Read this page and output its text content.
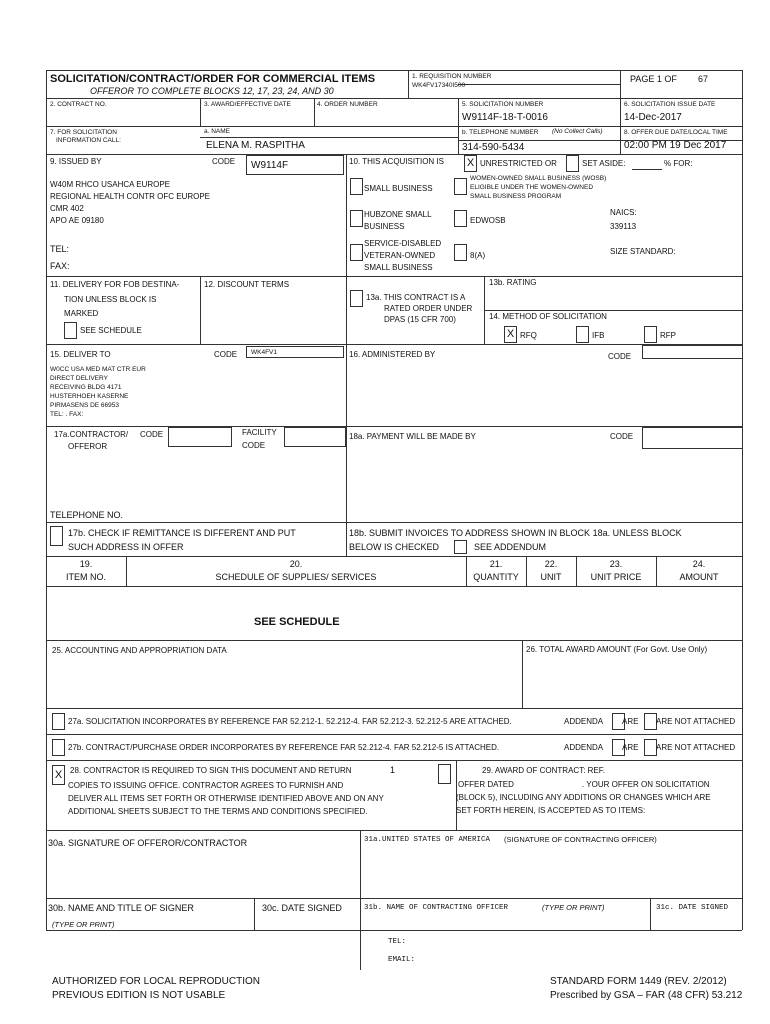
SOLICITATION/CONTRACT/ORDER FOR COMMERCIAL ITEMS
OFFEROR TO COMPLETE BLOCKS 12, 17, 23, 24, AND 30
1. REQUISITION NUMBER
WK4FV17340I500
PAGE 1 OF 67
2. CONTRACT NO.	3. AWARD/EFFECTIVE DATE	4. ORDER NUMBER	5. SOLICITATION NUMBER
W9114F-18-T-0016
6. SOLICITATION ISSUE DATE
14-Dec-2017
7. FOR SOLICITATION
INFORMATION CALL:
a. NAME
ELENA M. RASPITHA
b. TELEPHONE NUMBER (No Collect Calls)
314-590-5434
8. OFFER DUE DATE/LOCAL TIME
02:00 PM 19 Dec 2017
9. ISSUED BY	CODE	W9114F
W40M RHCO USAHCA EUROPE
REGIONAL HEALTH CONTR OFC EUROPE
CMR 402
APO AE 09180
TEL:
FAX:
10. THIS ACQUISITION IS X UNRESTRICTED OR	SET ASIDE:	% FOR:
SMALL BUSINESS
WOMEN-OWNED SMALL BUSINESS (WOSB)
ELIGIBLE UNDER THE WOMEN-OWNED
SMALL BUSINESS PROGRAM
HUBZONE SMALL
BUSINESS
EDWOSB
NAICS:
339113
SERVICE-DISABLED
VETERAN-OWNED
SMALL BUSINESS
8(A)	SIZE STANDARD:
11. DELIVERY FOR FOB DESTINA-
TION UNLESS BLOCK IS
MARKED
SEE SCHEDULE
12. DISCOUNT TERMS
13a. THIS CONTRACT IS A
RATED ORDER UNDER
DPAS (15 CFR 700)
13b. RATING
14. METHOD OF SOLICITATION
X RFQ	IFB	RFP
15. DELIVER TO	CODE	WK4FV1
W0CC USA MED MAT CTR EUR
DIRECT DELIVERY
RECEIVING BLDG 4171
HUSTERHOEH KASERNE
PIRMASENS DE 66953
TEL: . FAX:
16. ADMINISTERED BY	CODE
17a.CONTRACTOR/
OFFEROR
CODE	FACILITY
CODE
TELEPHONE NO.
17b. CHECK IF REMITTANCE IS DIFFERENT AND PUT
SUCH ADDRESS IN OFFER
18a. PAYMENT WILL BE MADE BY	CODE
18b. SUBMIT INVOICES TO ADDRESS SHOWN IN BLOCK 18a. UNLESS BLOCK
BELOW IS CHECKED	SEE ADDENDUM
19.
ITEM NO.
20.
SCHEDULE OF SUPPLIES/ SERVICES
21.
QUANTITY
22.
UNIT
23.
UNIT PRICE
24.
AMOUNT
SEE SCHEDULE
25. ACCOUNTING AND APPROPRIATION DATA	26. TOTAL AWARD AMOUNT (For Govt. Use Only)
27a. SOLICITATION INCORPORATES BY REFERENCE FAR 52.212-1. 52.212-4. FAR 52.212-3. 52.212-5 ARE ATTACHED.	ADDENDA ARE ARE NOT ATTACHED
27b. CONTRACT/PURCHASE ORDER INCORPORATES BY REFERENCE FAR 52.212-4. FAR 52.212-5 IS ATTACHED.	ADDENDA ARE ARE NOT ATTACHED
X 28. CONTRACTOR IS REQUIRED TO SIGN THIS DOCUMENT AND RETURN	1
COPIES TO ISSUING OFFICE. CONTRACTOR AGREES TO FURNISH AND
DELIVER ALL ITEMS SET FORTH OR OTHERWISE IDENTIFIED ABOVE AND ON ANY
ADDITIONAL SHEETS SUBJECT TO THE TERMS AND CONDITIONS SPECIFIED.
29. AWARD OF CONTRACT: REF.
OFFER DATED	. YOUR OFFER ON SOLICITATION
(BLOCK 5), INCLUDING ANY ADDITIONS OR CHANGES WHICH ARE
SET FORTH HEREIN, IS ACCEPTED AS TO ITEMS:
30a. SIGNATURE OF OFFEROR/CONTRACTOR	31a.UNITED STATES OF AMERICA (SIGNATURE OF CONTRACTING OFFICER)
30b. NAME AND TITLE OF SIGNER
(TYPE OR PRINT)
30c. DATE SIGNED	31b. NAME OF CONTRACTING OFFICER	(TYPE OR PRINT)	31c. DATE SIGNED
TEL:
EMAIL:
AUTHORIZED FOR LOCAL REPRODUCTION
PREVIOUS EDITION IS NOT USABLE
STANDARD FORM 1449 (REV. 2/2012)
Prescribed by GSA – FAR (48 CFR) 53.212
